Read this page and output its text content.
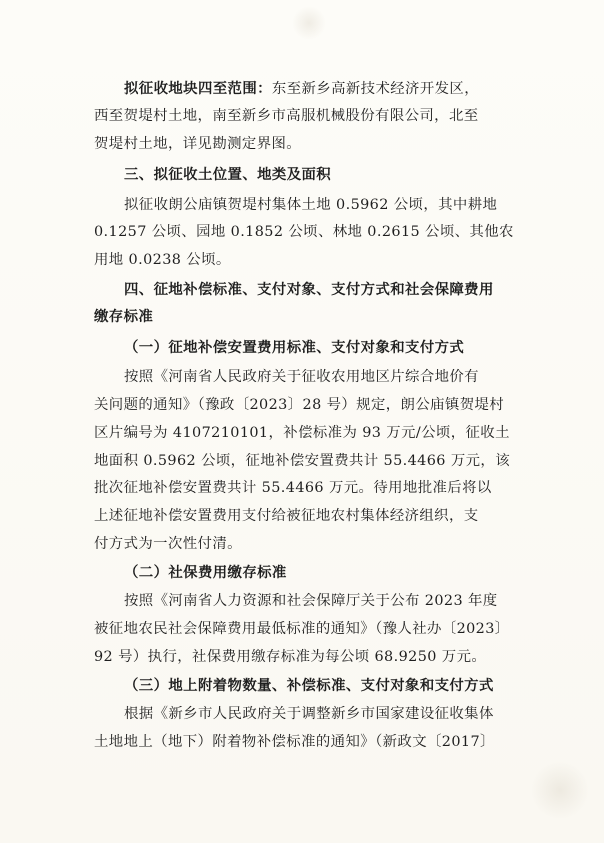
拟征收地块四至范围：东至新乡高新技术经济开发区，
西至贺堤村土地，南至新乡市高服机械股份有限公司，北至
贺堤村土地，详见勘测定界图。
三、拟征收土位置、地类及面积
拟征收朗公庙镇贺堤村集体土地 0.5962 公顷，其中耕地
0.1257 公顷、园地 0.1852 公顷、林地 0.2615 公顷、其他农
用地 0.0238 公顷。
四、征地补偿标准、支付对象、支付方式和社会保障费用
缴存标准
（一）征地补偿安置费用标准、支付对象和支付方式
按照《河南省人民政府关于征收农用地区片综合地价有
关问题的通知》（豫政〔2023〕28 号）规定，朗公庙镇贺堤村
区片编号为 4107210101，补偿标准为 93 万元/公顷，征收土
地面积 0.5962 公顷，征地补偿安置费共计 55.4466 万元，该
批次征地补偿安置费共计 55.4466 万元。待用地批准后将以
上述征地补偿安置费用支付给被征地农村集体经济组织，支
付方式为一次性付清。
（二）社保费用缴存标准
按照《河南省人力资源和社会保障厅关于公布 2023 年度
被征地农民社会保障费用最低标准的通知》（豫人社办〔2023〕
92 号）执行，社保费用缴存标准为每公顷 68.9250 万元。
（三）地上附着物数量、补偿标准、支付对象和支付方式
根据《新乡市人民政府关于调整新乡市国家建设征收集体
土地地上（地下）附着物补偿标准的通知》（新政文〔2017〕
